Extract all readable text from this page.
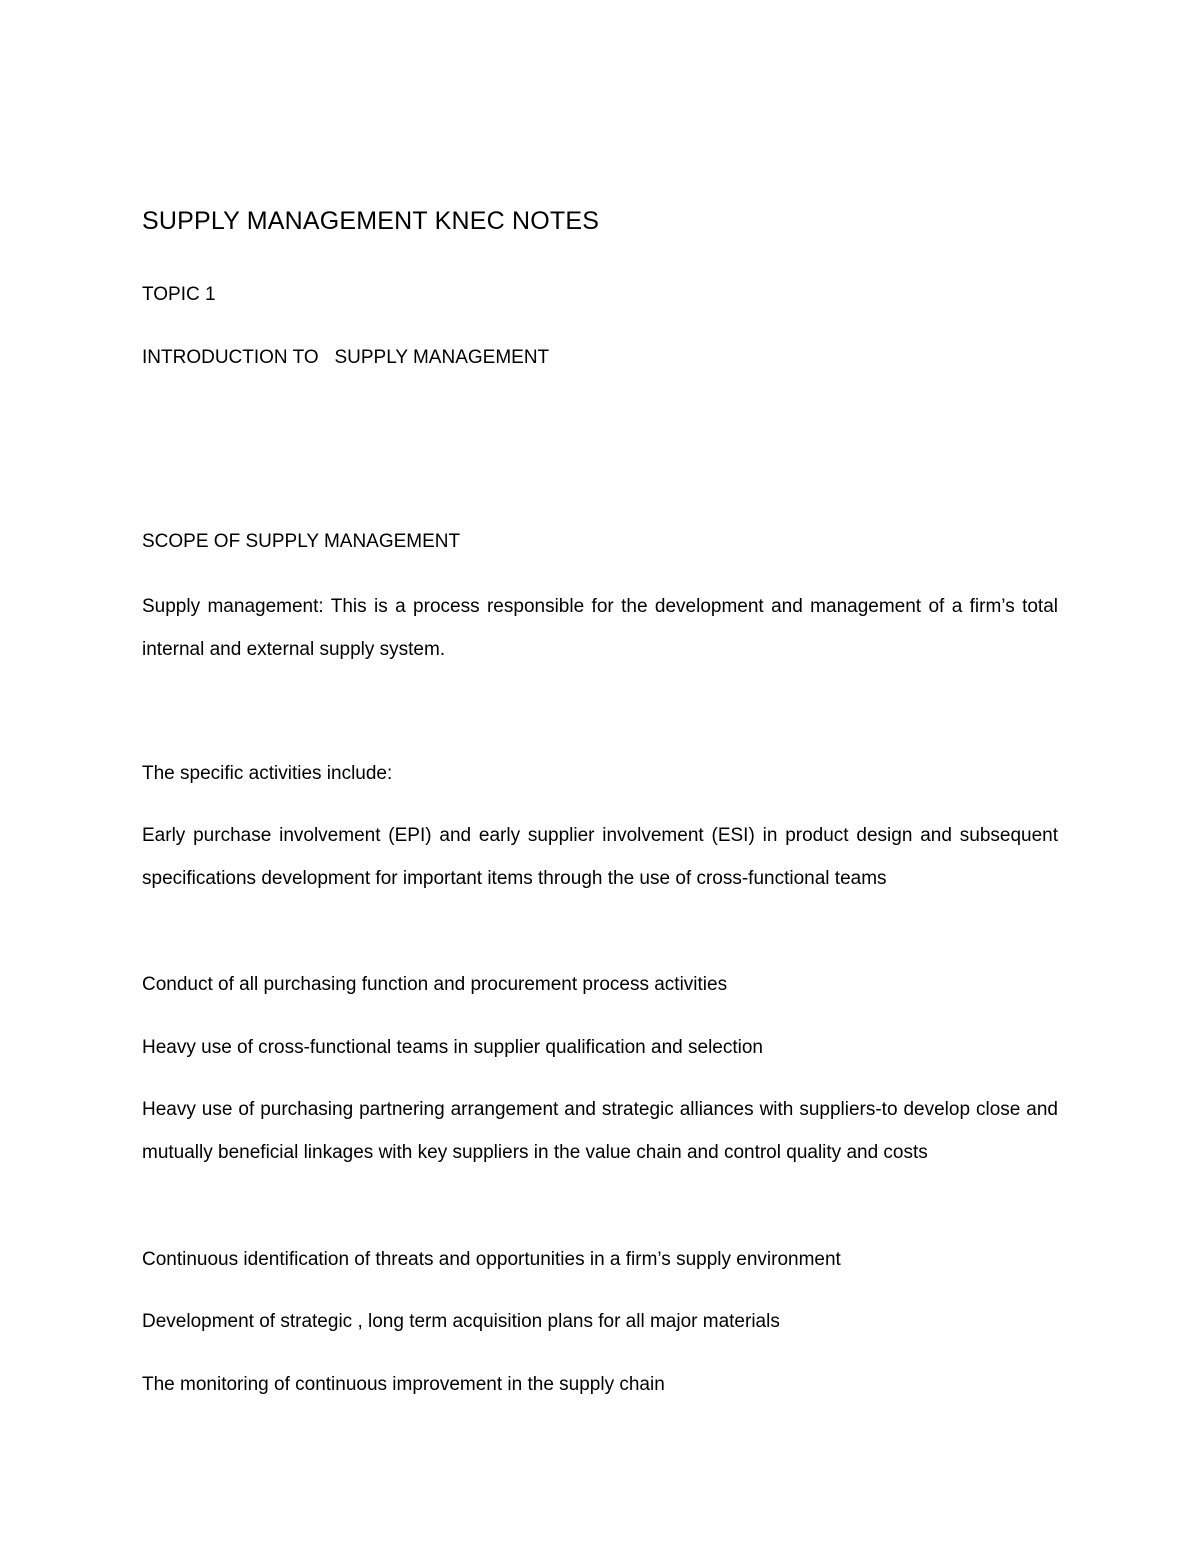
SUPPLY MANAGEMENT KNEC NOTES

TOPIC 1

INTRODUCTION TO   SUPPLY MANAGEMENT

SCOPE OF SUPPLY MANAGEMENT

Supply management: This is a process responsible for the development and management of a firm’s total internal and external supply system.

The specific activities include:

Early purchase involvement (EPI) and early supplier involvement (ESI) in product design and subsequent specifications development for important items through the use of cross-functional teams

Conduct of all purchasing function and procurement process activities

Heavy use of cross-functional teams in supplier qualification and selection

Heavy use of purchasing partnering arrangement and strategic alliances with suppliers-to develop close and mutually beneficial linkages with key suppliers in the value chain and control quality and costs

Continuous identification of threats and opportunities in a firm’s supply environment

Development of strategic , long term acquisition plans for all major materials

The monitoring of continuous improvement in the supply chain
